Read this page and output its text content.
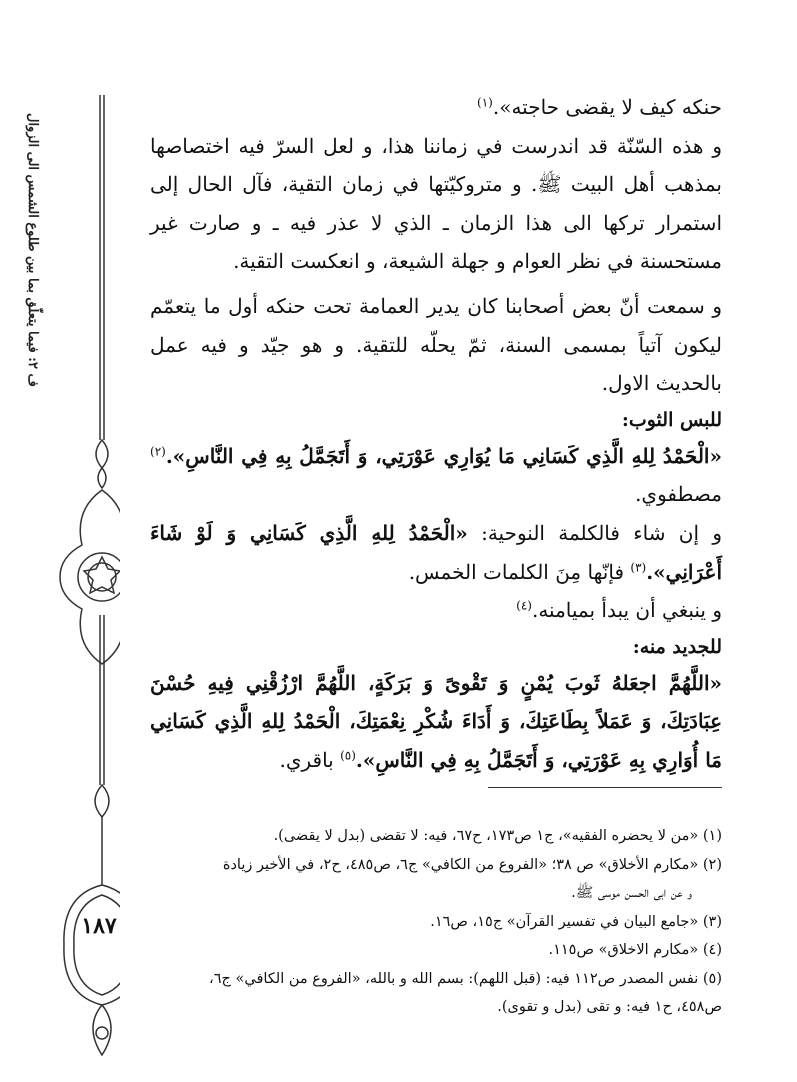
ف ٢: فيما يتعلّق بما بين طلوع الشمس الى الزوال
١٨٧

حنكه كيف لا يقضى حاجته».$^{(١)}$

و هذه السّنّة قد اندرست في زماننا هذا، و لعل السرّ فيه اختصاصها بمذهب أهل البيت ﷺ. و متروكيّتها في زمان التقية، فآل الحال إلى استمرار تركها الى هذا الزمان ـ الذي لا عذر فيه ـ و صارت غير مستحسنة في نظر العوام و جهلة الشيعة، و انعكست التقية.

و سمعت أنّ بعض أصحابنا كان يدير العمامة تحت حنكه أول ما يتعمّم ليكون آتياً بمسمى السنة، ثمّ يحلّه للتقية. و هو جيّد و فيه عمل بالحديث الاول.

للبس الثوب:

«الْحَمْدُ لِلهِ الَّذِي كَسَانِي مَا يُوَارِي عَوْرَتِي، وَ أَتَجَمَّلُ بِهِ فِي النَّاسِ».$^{(٢)}$ مصطفوي.

و إن شاء فالكلمة النوحية: «الْحَمْدُ لِلهِ الَّذِي كَسَانِي وَ لَوْ شَاءَ أَعْرَانِي».$^{(٣)}$ فإنّها مِنَ الكلمات الخمس.

و ينبغي أن يبدأ بميامنه.$^{(٤)}$

للجديد منه:

«اللَّهُمَّ اجعَلهُ ثَوبَ يُمْنٍ وَ تَقْوىً وَ بَرَكَةٍ، اللَّهُمَّ ارْزُقْنِي فِيهِ حُسْنَ عِبَادَتِكَ، وَ عَمَلاً بِطَاعَتِكَ، وَ أَدَاءَ شُكْرِ نِعْمَتِكَ، الْحَمْدُ لِلهِ الَّذِي كَسَانِي مَا أُوَارِي بِهِ عَوْرَتِي، وَ أَتَجَمَّلُ بِهِ فِي النَّاسِ».$^{(٥)}$ باقري.

(١) «من لا يحضره الفقيه»، ج١ ص١٧٣، ح٦٧، فيه: لا تقضى (بدل لا يقضى).

(٢) «مكارم الأخلاق» ص ٣٨؛ «الفروع من الكافي» ج٦، ص٤٨٥، ح٢، في الأخير زيادة

و عن ابى الحسن موسى ﷺ.

(٣) «جامع البيان في تفسير القرآن» ج١٥، ص١٦.

(٤) «مكارم الاخلاق» ص١١٥.

(٥) نفس المصدر ص١١٢ فيه: (قبل اللهم): بسم الله و بالله، «الفروع من الكافي» ج٦،

ص٤٥٨، ح١ فيه: و تقى (بدل و تقوى).
